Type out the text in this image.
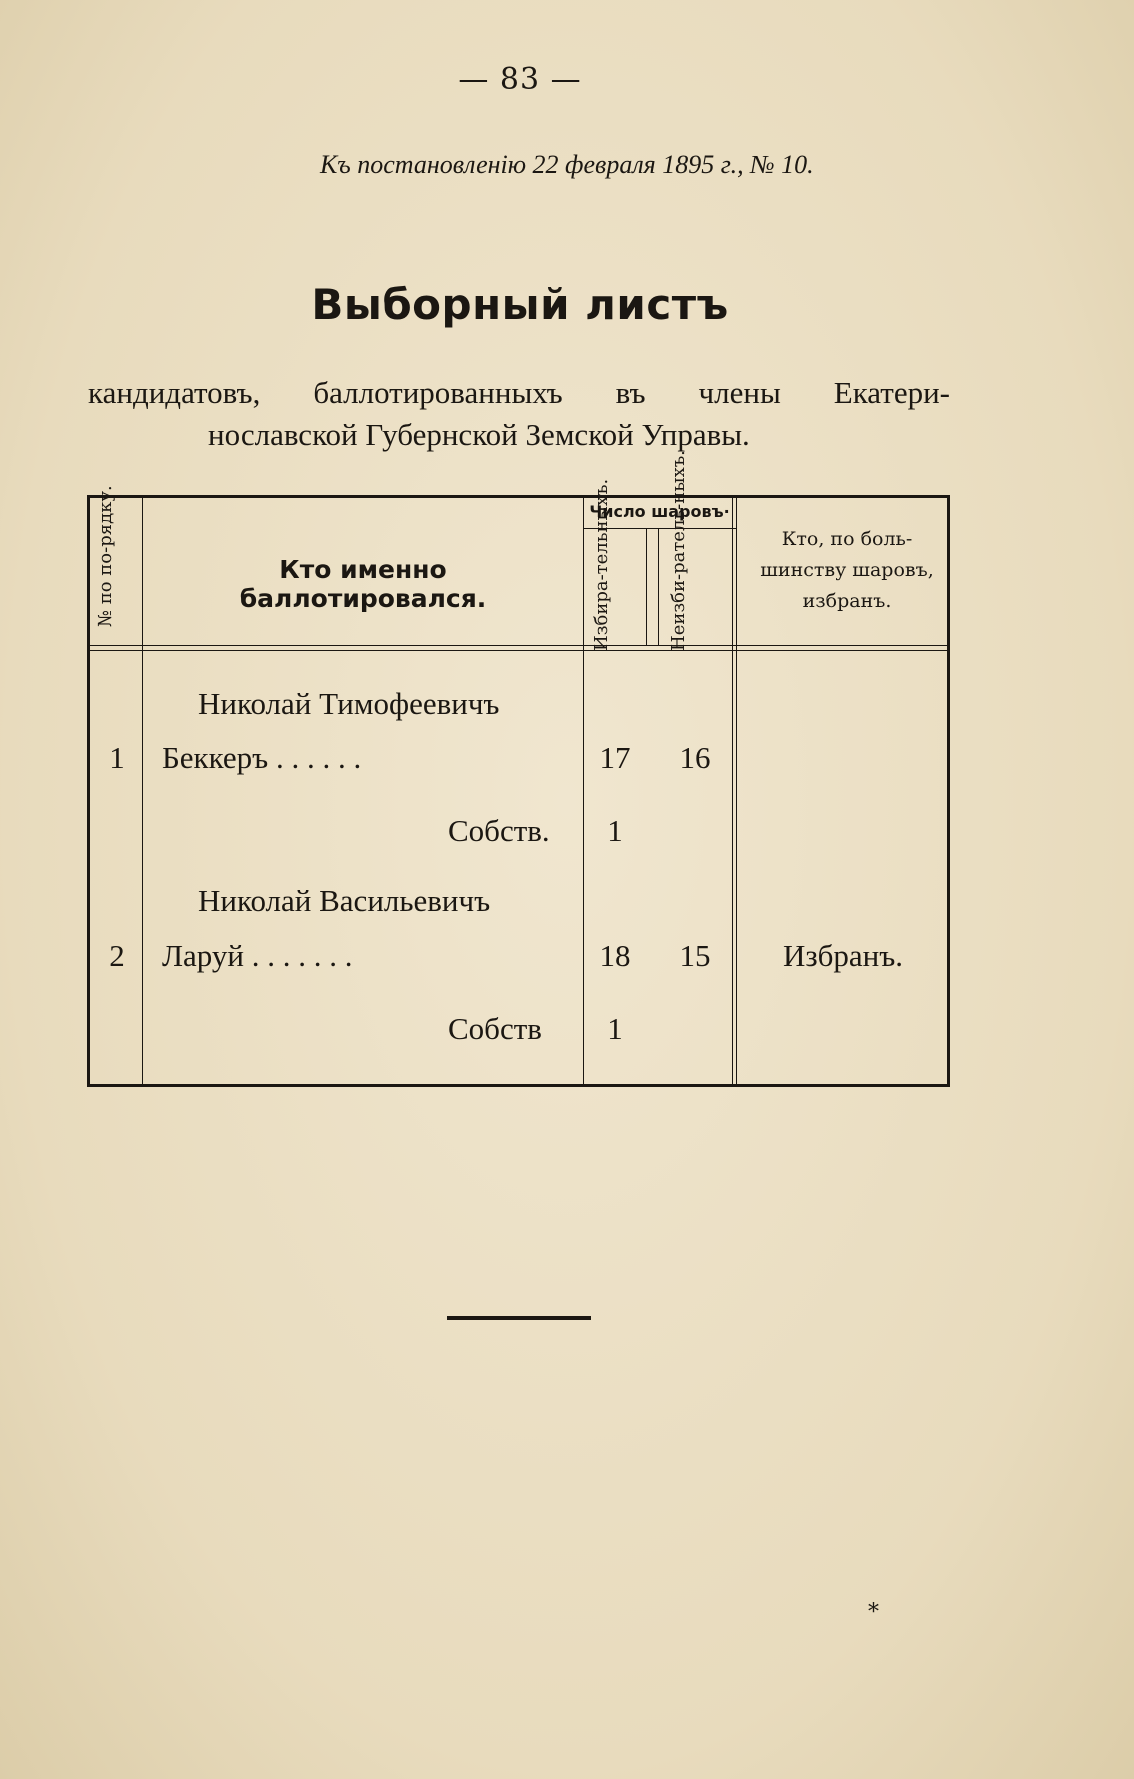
— 83 —
Къ постановленію 22 февраля 1895 г., № 10.
Выборный листъ
кандидатовъ, баллотированныхъ въ члены Екатери-
нославской Губернской Земской Управы.
№ по по-рядку.	Кто именно баллотировался.
Число шаровъ·
Избира-тельныхъ.	Неизби-ратель-ныхъ.	Кто, по боль-шинству шаровъ, избранъ.
Николай Тимофеевичъ
1 Беккеръ . . . . . .	17	16
Собств.	1
Николай Васильевичъ
2 Ларуй . . . . . . .	18	15	Избранъ.
Собств	1
*
